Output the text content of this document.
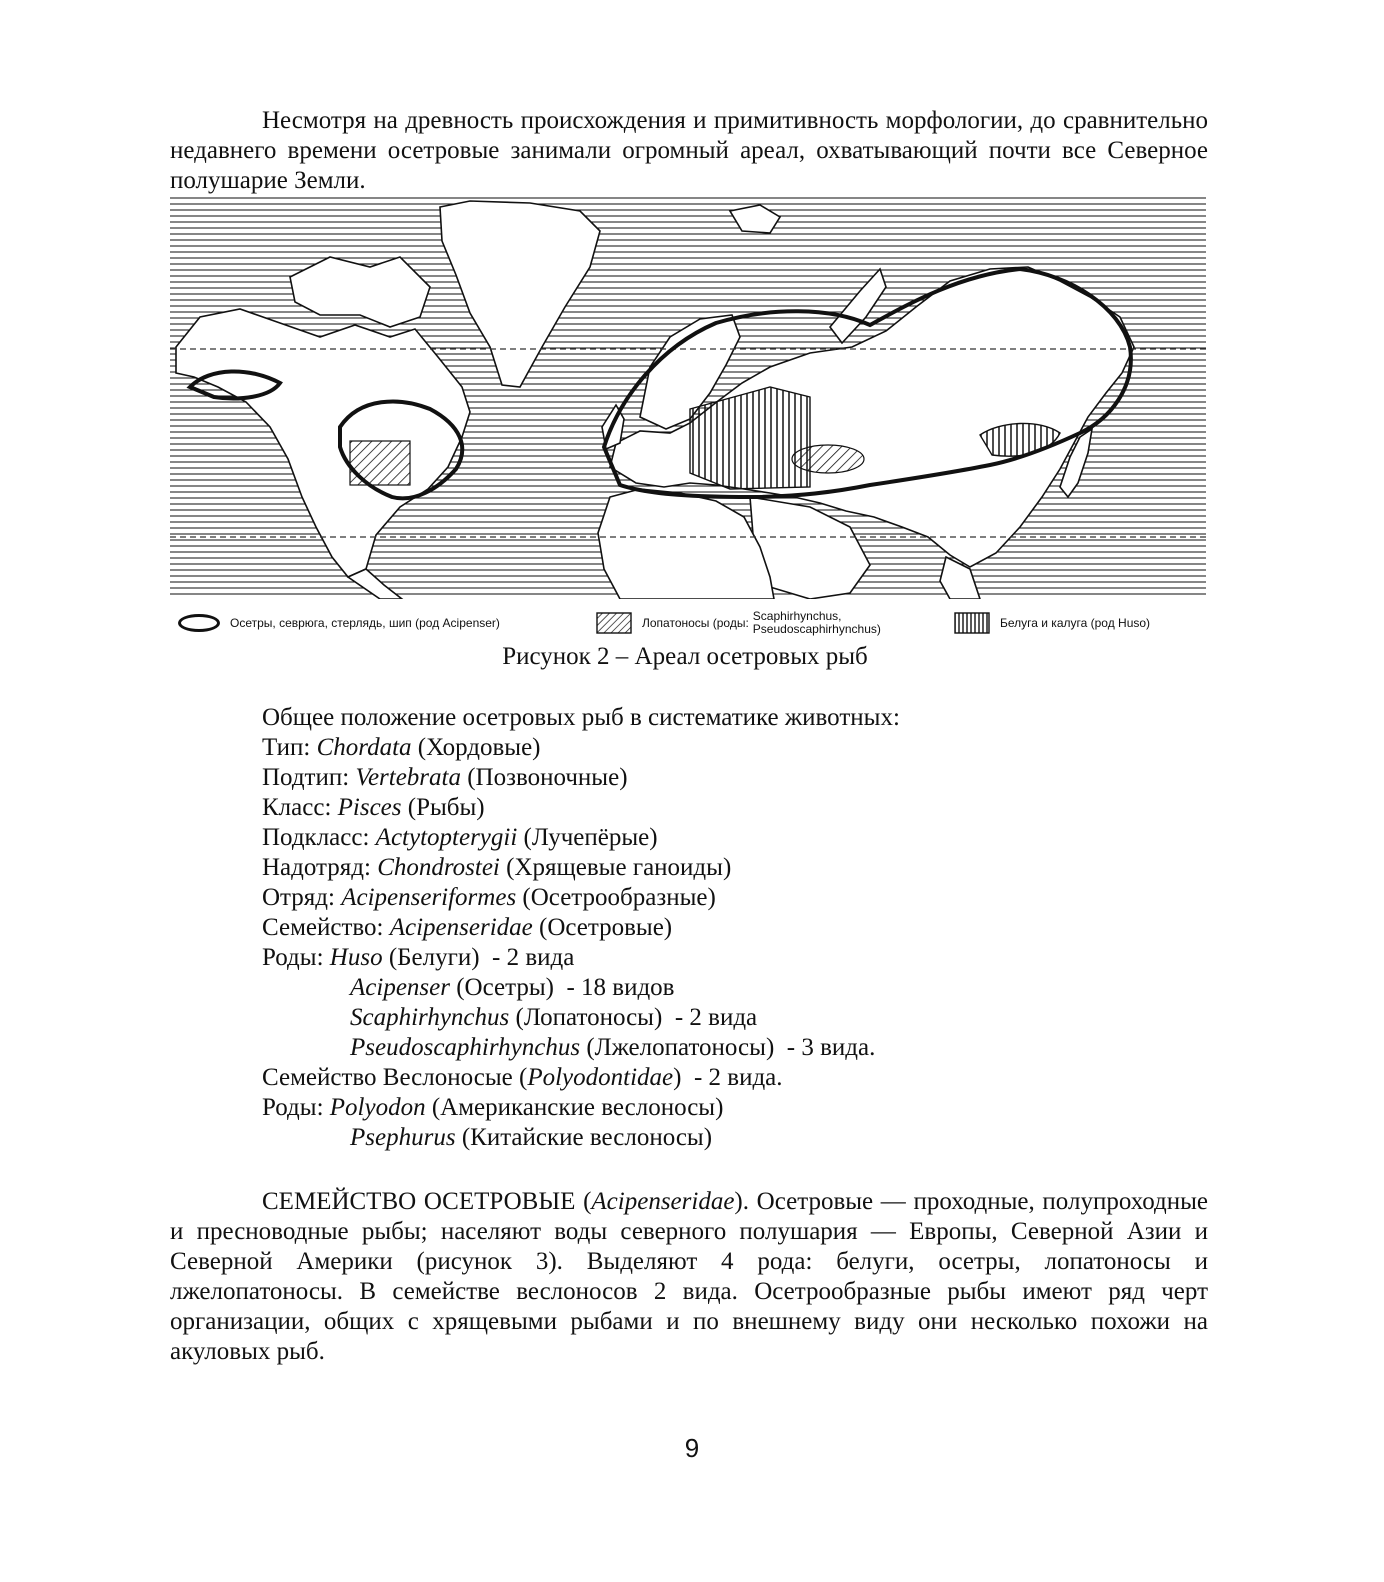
Несмотря на древность происхождения и примитивность морфологии, до сравнительно недавнего времени осетровые занимали огромный ареал, охватывающий почти все Северное полушарие Земли.

Осетры, севрюга, стерлядь, шип (род Acipenser)	Лопатоносы (роды: Scaphirhynchus,
Pseudoscaphirhynchus)	Белуга и калуга (род Huso)

Рисунок 2 – Ареал осетровых рыб

Общее положение осетровых рыб в систематике животных:
Тип: Chordata (Хордовые)
Подтип: Vertebrata (Позвоночные)
Класс: Pisces (Рыбы)
Подкласс: Actytopterygii (Лучепёрые)
Надотряд: Chondrostei (Хрящевые ганоиды)
Отряд: Acipenseriformes (Осетрообразные)
Семейство: Acipenseridae (Осетровые)
Роды: Huso (Белуги) - 2 вида
Acipenser (Осетры) - 18 видов
Scaphirhynchus (Лопатоносы) - 2 вида
Pseudoscaphirhynchus (Лжелопатоносы) - 3 вида.
Семейство Веслоносые (Polyodontidae) - 2 вида.
Роды: Polyodon (Американские веслоносы)
Psephurus (Китайские веслоносы)

СЕМЕЙСТВО ОСЕТРОВЫЕ (Acipenseridae). Осетровые — проходные, полупроходные и пресноводные рыбы; населяют воды северного полушария — Европы, Северной Азии и Северной Америки (рисунок 3). Выделяют 4 рода: белуги, осетры, лопатоносы и лжелопатоносы. В семействе веслоносов 2 вида. Осетрообразные рыбы имеют ряд черт организации, общих с хрящевыми рыбами и по внешнему виду они несколько похожи на акуловых рыб.

9
